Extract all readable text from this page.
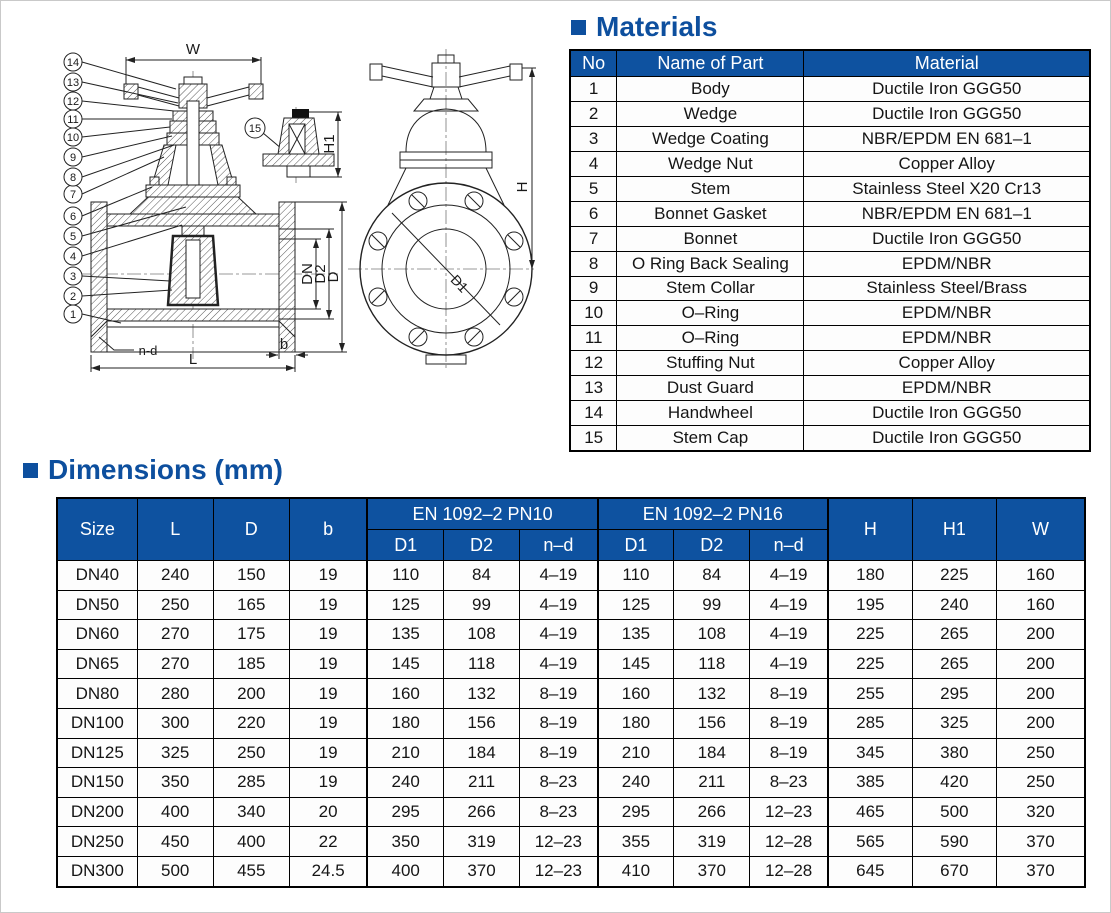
W
L
b
n-d
DN
D2
D
H1
H
D1
1
2
3
4
5
6
7
8
9
10
11
12
13
14
15
Materials
No	Name of Part	Material
1	Body	Ductile Iron GGG50
2	Wedge	Ductile Iron GGG50
3	Wedge Coating	NBR/EPDM EN 681–1
4	Wedge Nut	Copper Alloy
5	Stem	Stainless Steel X20 Cr13
6	Bonnet Gasket	NBR/EPDM EN 681–1
7	Bonnet	Ductile Iron GGG50
8	O Ring Back Sealing	EPDM/NBR
9	Stem Collar	Stainless Steel/Brass
10	O–Ring	EPDM/NBR
11	O–Ring	EPDM/NBR
12	Stuffing Nut	Copper Alloy
13	Dust Guard	EPDM/NBR
14	Handwheel	Ductile Iron GGG50
15	Stem Cap	Ductile Iron GGG50
Dimensions (mm)
Size	L	D	b	EN 1092–2 PN10			EN 1092–2 PN16			H	H1	W
				D1	D2	n–d	D1	D2	n–d			
DN40	240	150	19	110	84	4–19	110	84	4–19	180	225	160
DN50	250	165	19	125	99	4–19	125	99	4–19	195	240	160
DN60	270	175	19	135	108	4–19	135	108	4–19	225	265	200
DN65	270	185	19	145	118	4–19	145	118	4–19	225	265	200
DN80	280	200	19	160	132	8–19	160	132	8–19	255	295	200
DN100	300	220	19	180	156	8–19	180	156	8–19	285	325	200
DN125	325	250	19	210	184	8–19	210	184	8–19	345	380	250
DN150	350	285	19	240	211	8–23	240	211	8–23	385	420	250
DN200	400	340	20	295	266	8–23	295	266	12–23	465	500	320
DN250	450	400	22	350	319	12–23	355	319	12–28	565	590	370
DN300	500	455	24.5	400	370	12–23	410	370	12–28	645	670	370
